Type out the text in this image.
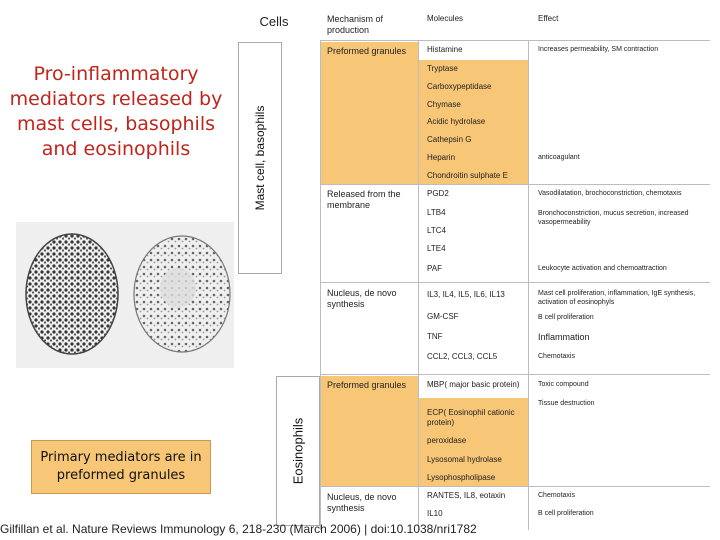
Pro-inflammatory mediators released by mast cells, basophils and eosinophils
Primary mediators are in preformed granules
Cells	Mechanism of production
Molecules	Effect
Mast cell, basophils
Eosinophils
Preformed granules
Released from the membrane
Nucleus, de novo synthesis
Preformed granules
Nucleus, de novo synthesis
Histamine
Tryptase
Carboxypeptidase
Chymase
Acidic hydrolase
Cathepsin G
Heparin
Chondroitin sulphate E
PGD2
LTB4
LTC4
LTE4
PAF
IL3, IL4, IL5, IL6, IL13
GM-CSF
TNF
CCL2, CCL3, CCL5
MBP( major basic protein)
ECP( Eosinophil cationic protein)
peroxidase
Lysosomal hydrolase
Lysophospholipase
RANTES, IL8, eotaxin
IL10
Increases permeability, SM contraction
anticoagulant
Vasodilatation, brochoconstriction, chemotaxis
Bronchoconstriction, mucus secretion, increased vasopermeability
Leukocyte activation and chemoattraction
Mast cell proliferation, inflammation, IgE synthesis, activation of eosinophyls
B cell proliferation
Inflammation
Chemotaxis
Toxic compound
Tissue destruction
Chemotaxis
B cell proliferation
Gilfillan et al. Nature Reviews Immunology 6, 218-230 (March 2006) | doi:10.1038/nri1782
